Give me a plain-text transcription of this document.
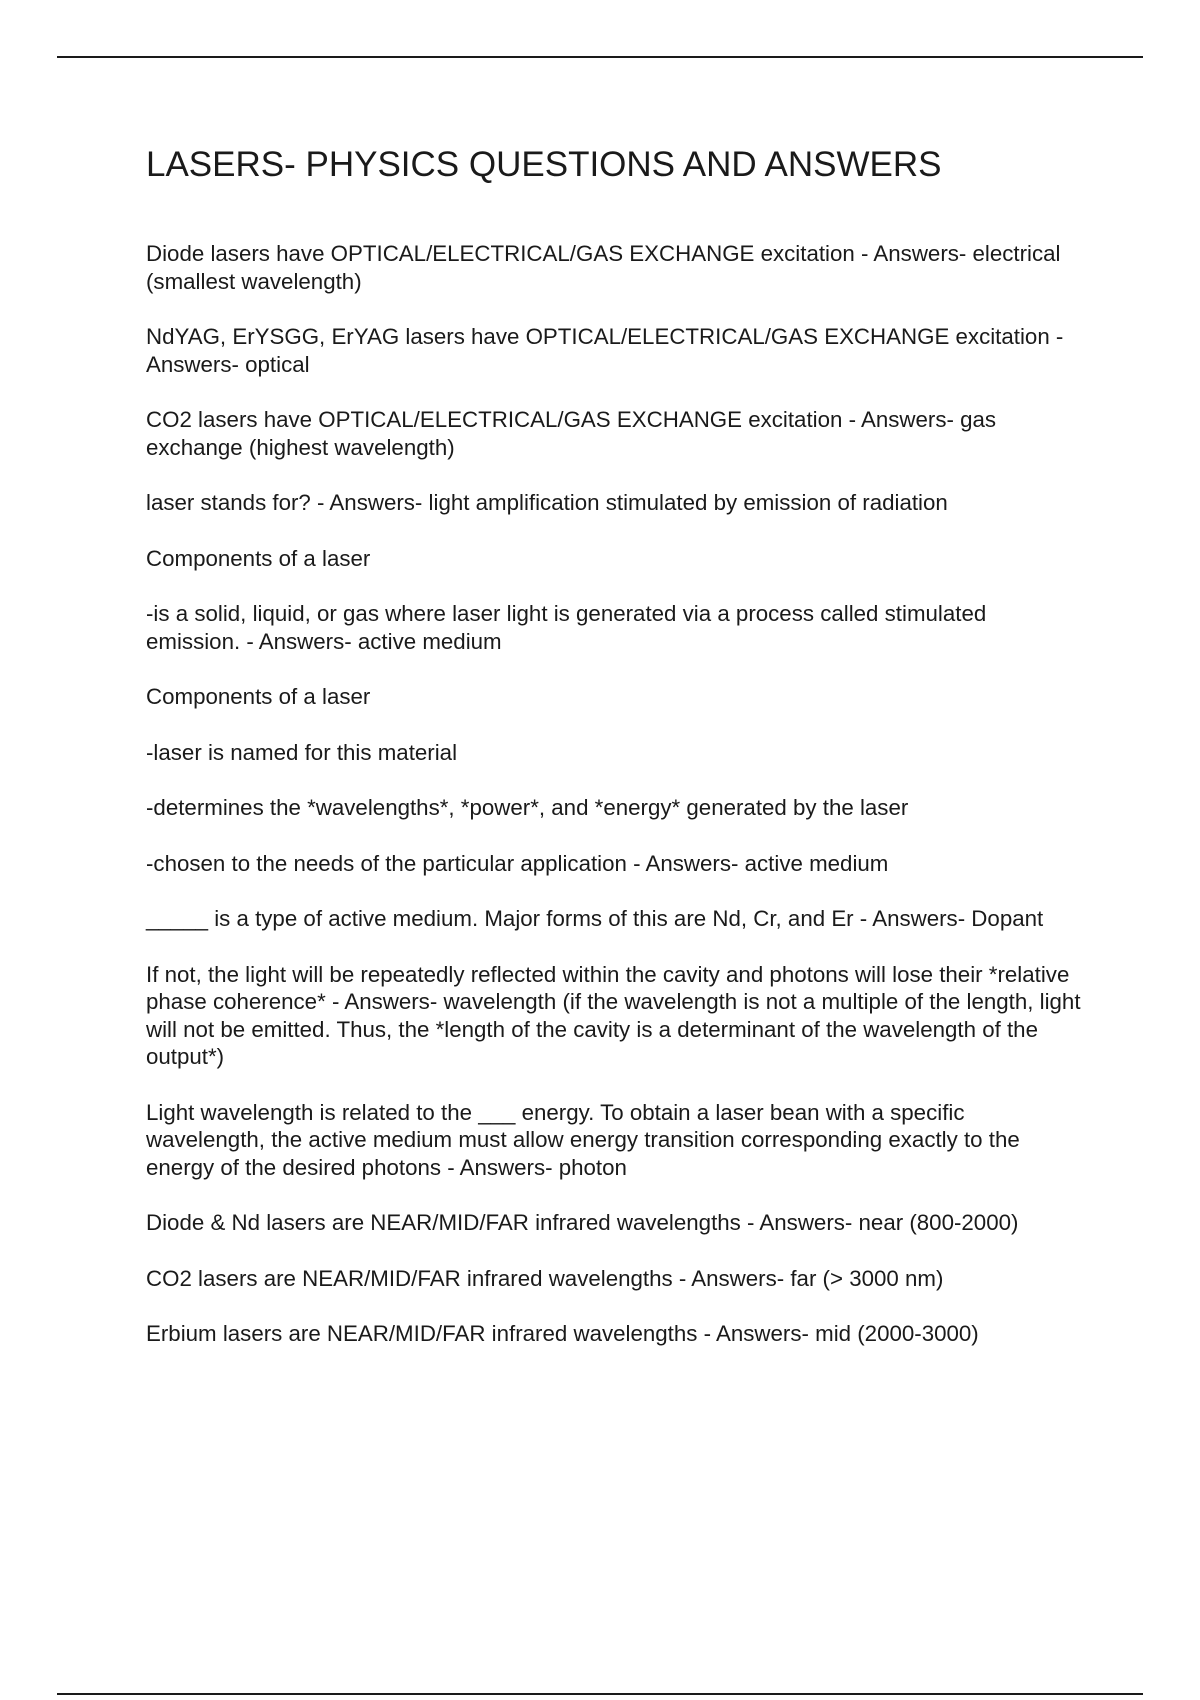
LASERS- PHYSICS QUESTIONS AND ANSWERS

Diode lasers have OPTICAL/ELECTRICAL/GAS EXCHANGE excitation - Answers- electrical (smallest wavelength)

NdYAG, ErYSGG, ErYAG lasers have OPTICAL/ELECTRICAL/GAS EXCHANGE excitation - Answers- optical

CO2 lasers have OPTICAL/ELECTRICAL/GAS EXCHANGE excitation - Answers- gas exchange (highest wavelength)

laser stands for? - Answers- light amplification stimulated by emission of radiation

Components of a laser

-is a solid, liquid, or gas where laser light is generated via a process called stimulated emission. - Answers- active medium

Components of a laser

-laser is named for this material

-determines the *wavelengths*, *power*, and *energy* generated by the laser

-chosen to the needs of the particular application - Answers- active medium

_____ is a type of active medium. Major forms of this are Nd, Cr, and Er - Answers- Dopant

If not, the light will be repeatedly reflected within the cavity and photons will lose their *relative phase coherence* - Answers- wavelength (if the wavelength is not a multiple of the length, light will not be emitted. Thus, the *length of the cavity is a determinant of the wavelength of the output*)

Light wavelength is related to the ___ energy. To obtain a laser bean with a specific wavelength, the active medium must allow energy transition corresponding exactly to the energy of the desired photons - Answers- photon

Diode & Nd lasers are NEAR/MID/FAR infrared wavelengths - Answers- near (800-2000)

CO2 lasers are NEAR/MID/FAR infrared wavelengths - Answers- far (> 3000 nm)

Erbium lasers are NEAR/MID/FAR infrared wavelengths - Answers- mid (2000-3000)
